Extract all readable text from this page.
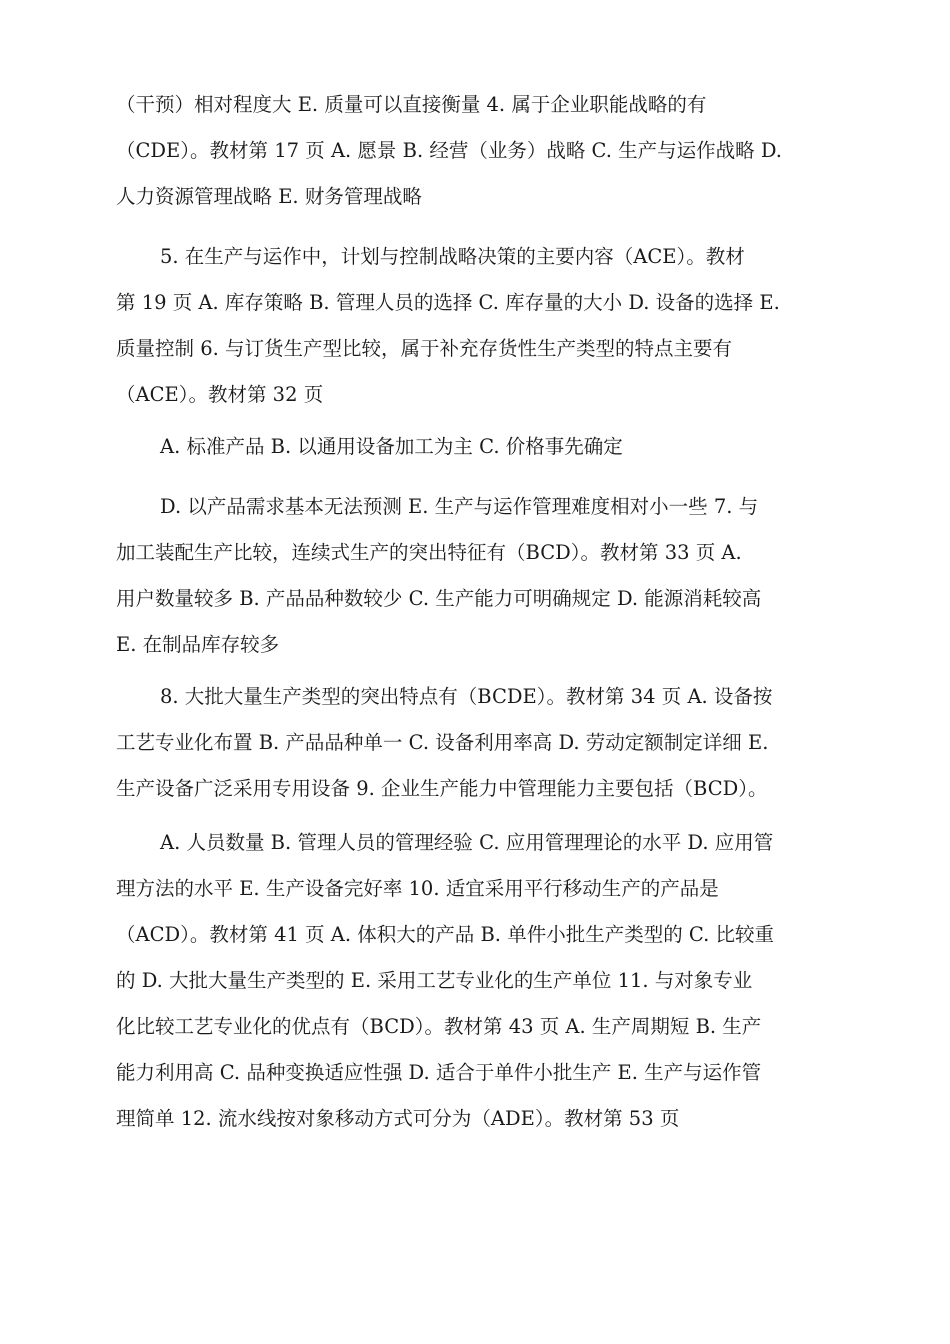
（干预）相对程度大 E. 质量可以直接衡量 4. 属于企业职能战略的有
（CDE）。教材第 17 页 A. 愿景 B. 经营（业务）战略 C. 生产与运作战略 D.
人力资源管理战略 E. 财务管理战略
5. 在生产与运作中，计划与控制战略决策的主要内容（ACE）。教材
第 19 页 A. 库存策略 B. 管理人员的选择 C. 库存量的大小 D. 设备的选择 E.
质量控制 6. 与订货生产型比较，属于补充存货性生产类型的特点主要有
（ACE）。教材第 32 页
A. 标准产品 B. 以通用设备加工为主 C. 价格事先确定
D. 以产品需求基本无法预测 E. 生产与运作管理难度相对小一些 7. 与
加工装配生产比较，连续式生产的突出特征有（BCD）。教材第 33 页 A.
用户数量较多 B. 产品品种数较少 C. 生产能力可明确规定 D. 能源消耗较高
E. 在制品库存较多
8. 大批大量生产类型的突出特点有（BCDE）。教材第 34 页 A. 设备按
工艺专业化布置 B. 产品品种单一 C. 设备利用率高 D. 劳动定额制定详细 E.
生产设备广泛采用专用设备 9. 企业生产能力中管理能力主要包括（BCD）。
A. 人员数量 B. 管理人员的管理经验 C. 应用管理理论的水平 D. 应用管
理方法的水平 E. 生产设备完好率 10. 适宜采用平行移动生产的产品是
（ACD）。教材第 41 页 A. 体积大的产品 B. 单件小批生产类型的 C. 比较重
的 D. 大批大量生产类型的 E. 采用工艺专业化的生产单位 11. 与对象专业
化比较工艺专业化的优点有（BCD）。教材第 43 页 A. 生产周期短 B. 生产
能力利用高 C. 品种变换适应性强 D. 适合于单件小批生产 E. 生产与运作管
理简单 12. 流水线按对象移动方式可分为（ADE）。教材第 53 页
